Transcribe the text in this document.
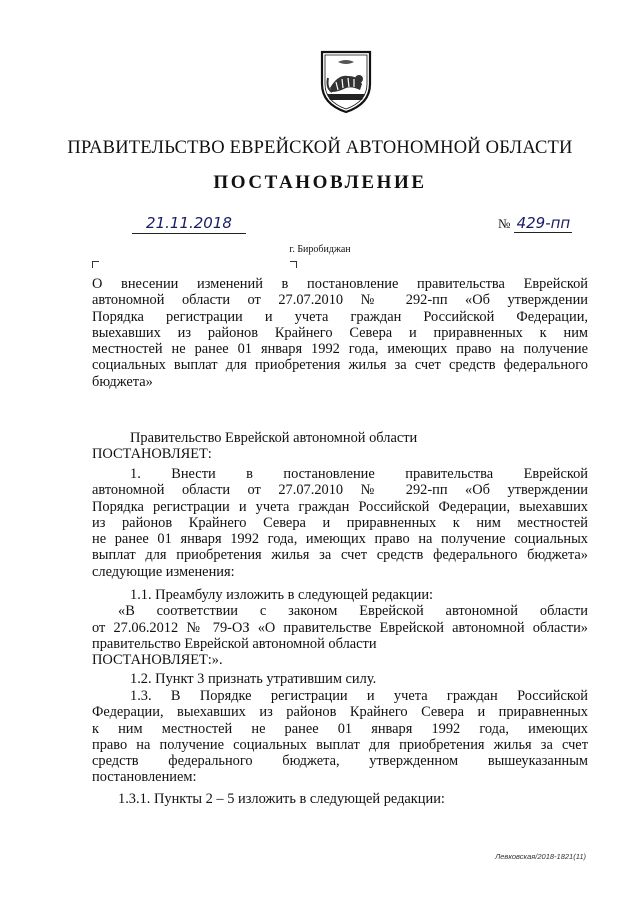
ПРАВИТЕЛЬСТВО ЕВРЕЙСКОЙ АВТОНОМНОЙ ОБЛАСТИ
ПОСТАНОВЛЕНИЕ
21.11.2018	№ 429-пп
г. Биробиджан
О внесении изменений в постановление правительства Еврейской
автономной области от 27.07.2010 № 292-пп «Об утверждении
Порядка регистрации и учета граждан Российской Федерации,
выехавших из районов Крайнего Севера и приравненных к ним
местностей не ранее 01 января 1992 года, имеющих право на получение
социальных выплат для приобретения жилья за счет средств федерального
бюджета»
Правительство Еврейской автономной области
ПОСТАНОВЛЯЕТ:
1. Внести в постановление правительства Еврейской
автономной области от 27.07.2010 № 292-пп «Об утверждении
Порядка регистрации и учета граждан Российской Федерации, выехавших
из районов Крайнего Севера и приравненных к ним местностей
не ранее 01 января 1992 года, имеющих право на получение социальных
выплат для приобретения жилья за счет средств федерального бюджета»
следующие изменения:
1.1. Преамбулу изложить в следующей редакции:
«В соответствии с законом Еврейской автономной области
от 27.06.2012 № 79-ОЗ «О правительстве Еврейской автономной области»
правительство Еврейской автономной области
ПОСТАНОВЛЯЕТ:».
1.2. Пункт 3 признать утратившим силу.
1.3. В Порядке регистрации и учета граждан Российской
Федерации, выехавших из районов Крайнего Севера и приравненных
к ним местностей не ранее 01 января 1992 года, имеющих
право на получение социальных выплат для приобретения жилья за счет
средств федерального бюджета, утвержденном вышеуказанным
постановлением:
1.3.1. Пункты 2 – 5 изложить в следующей редакции:
Левковская/2018-1821(11)
